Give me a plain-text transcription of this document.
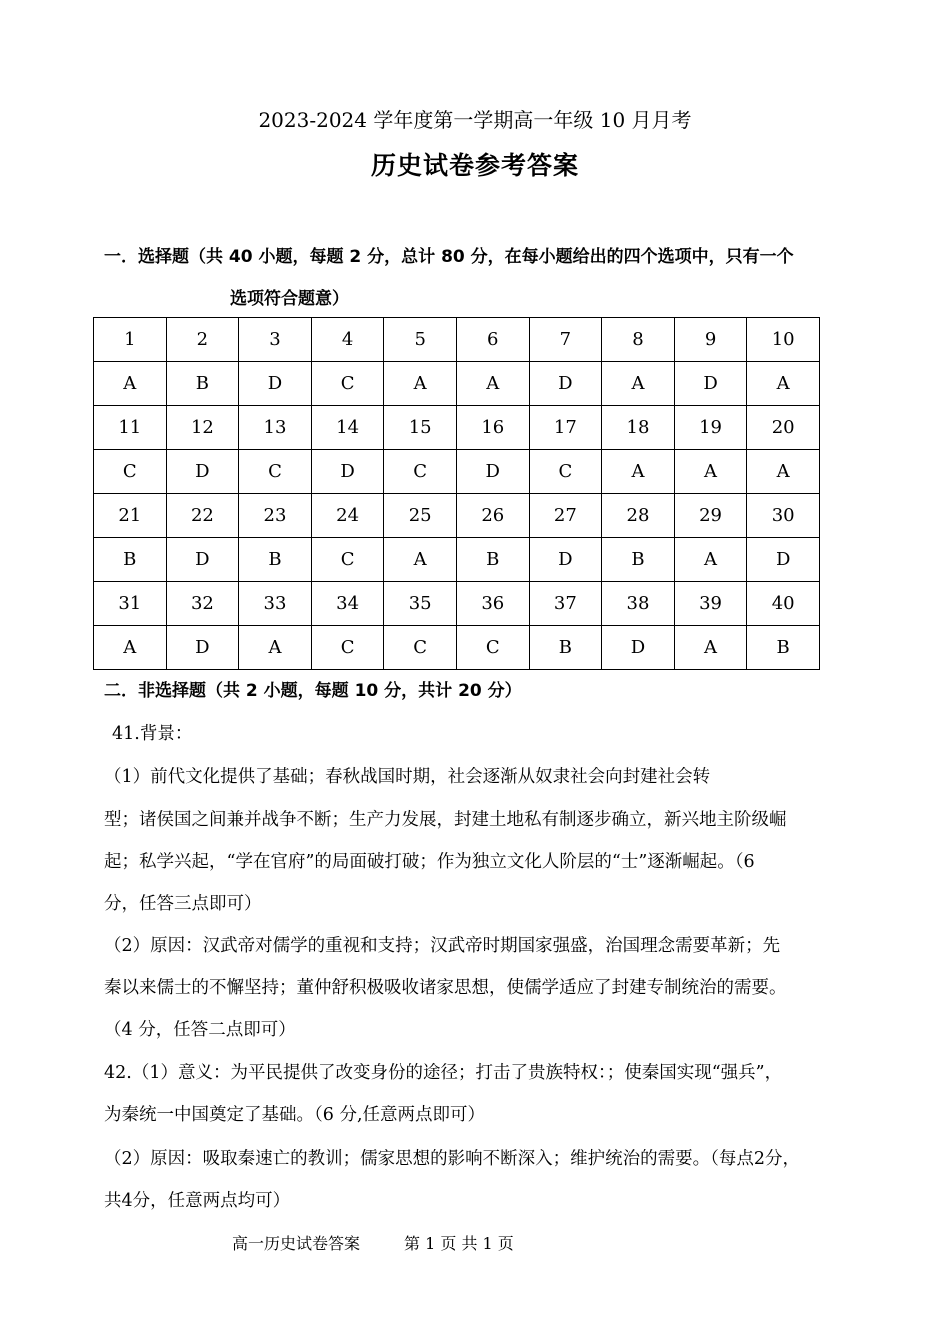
2023-2024 学年度第一学期高一年级 10 月月考
历史试卷参考答案
一．选择题（共 40 小题，每题 2 分，总计 80 分，在每小题给出的四个选项中，只有一个
选项符合题意）
1	2	3	4	5	6	7	8	9	10
A	B	D	C	A	A	D	A	D	A
11	12	13	14	15	16	17	18	19	20
C	D	C	D	C	D	C	A	A	A
21	22	23	24	25	26	27	28	29	30
B	D	B	C	A	B	D	B	A	D
31	32	33	34	35	36	37	38	39	40
A	D	A	C	C	C	B	D	A	B
二．非选择题（共 2 小题，每题 10 分，共计 20 分）
41.背景：
（1）前代文化提供了基础；春秋战国时期，社会逐渐从奴隶社会向封建社会转
型；诸侯国之间兼并战争不断；生产力发展，封建土地私有制逐步确立，新兴地主阶级崛
起；私学兴起，“学在官府”的局面破打破；作为独立文化人阶层的“士”逐渐崛起。（6
分，任答三点即可）
（2）原因：汉武帝对儒学的重视和支持；汉武帝时期国家强盛，治国理念需要革新；先
秦以来儒士的不懈坚持；董仲舒积极吸收诸家思想，使儒学适应了封建专制统治的需要。
（4 分，任答二点即可）
42.（1）意义：为平民提供了改变身份的途径；打击了贵族特权：；使秦国实现“强兵”，
为秦统一中国奠定了基础。（6 分,任意两点即可）
（2）原因：吸取秦速亡的教训；儒家思想的影响不断深入；维护统治的需要。（每点2分，
共4分，任意两点均可）
高一历史试卷答案	第 1 页 共 1 页
